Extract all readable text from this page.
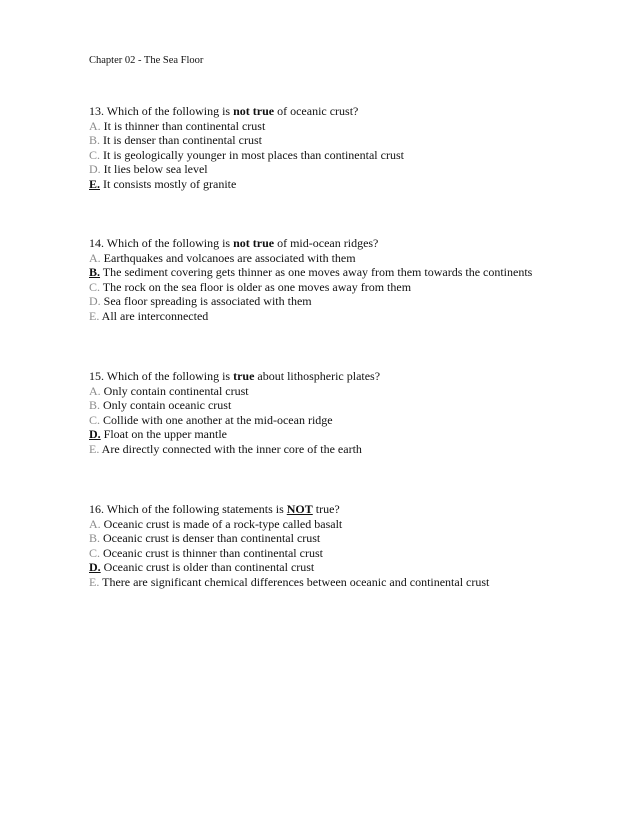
Chapter 02 - The Sea Floor
13. Which of the following is not true of oceanic crust?
A. It is thinner than continental crust
B. It is denser than continental crust
C. It is geologically younger in most places than continental crust
D. It lies below sea level
E. It consists mostly of granite
14. Which of the following is not true of mid-ocean ridges?
A. Earthquakes and volcanoes are associated with them
B. The sediment covering gets thinner as one moves away from them towards the continents
C. The rock on the sea floor is older as one moves away from them
D. Sea floor spreading is associated with them
E. All are interconnected
15. Which of the following is true about lithospheric plates?
A. Only contain continental crust
B. Only contain oceanic crust
C. Collide with one another at the mid-ocean ridge
D. Float on the upper mantle
E. Are directly connected with the inner core of the earth
16. Which of the following statements is NOT true?
A. Oceanic crust is made of a rock-type called basalt
B. Oceanic crust is denser than continental crust
C. Oceanic crust is thinner than continental crust
D. Oceanic crust is older than continental crust
E. There are significant chemical differences between oceanic and continental crust
